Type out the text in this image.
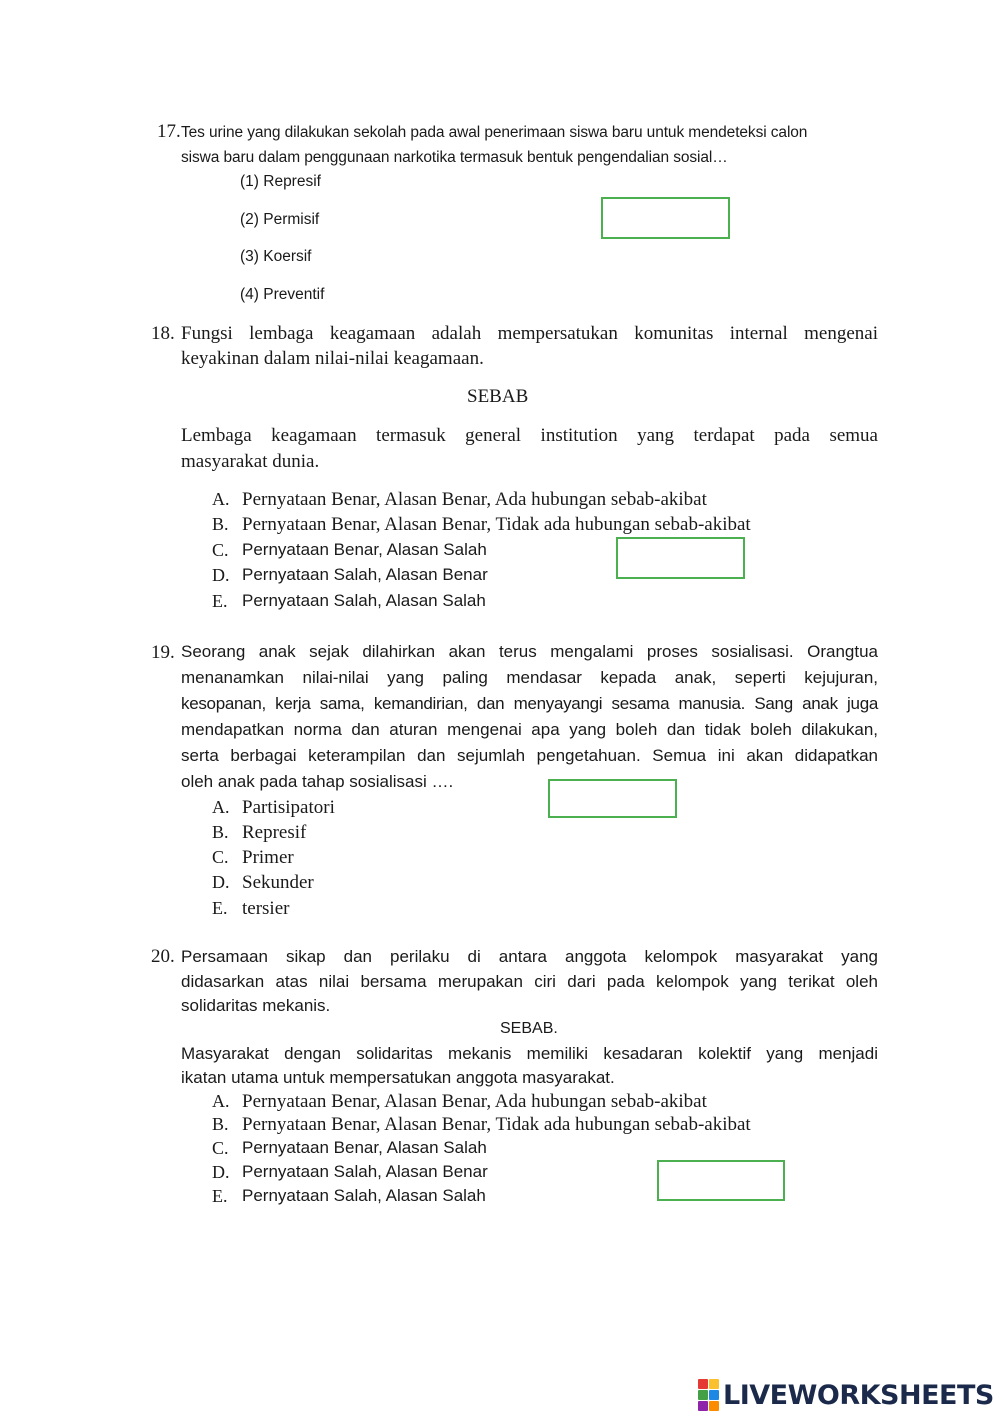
17. Tes urine yang dilakukan sekolah pada awal penerimaan siswa baru untuk mendeteksi calon
siswa baru dalam penggunaan narkotika termasuk bentuk pengendalian sosial…
(1) Represif
(2) Permisif
(3) Koersif
(4) Preventif
18. Fungsi lembaga keagamaan adalah mempersatukan komunitas internal mengenai
keyakinan dalam nilai-nilai keagamaan.
SEBAB
Lembaga keagamaan termasuk general institution yang terdapat pada semua
masyarakat dunia.
A. Pernyataan Benar, Alasan Benar, Ada hubungan sebab-akibat
B. Pernyataan Benar, Alasan Benar, Tidak ada hubungan sebab-akibat
C. Pernyataan Benar, Alasan Salah
D. Pernyataan Salah, Alasan Benar
E. Pernyataan Salah, Alasan Salah
19. Seorang anak sejak dilahirkan akan terus mengalami proses sosialisasi. Orangtua
menanamkan nilai-nilai yang paling mendasar kepada anak, seperti kejujuran,
kesopanan, kerja sama, kemandirian, dan menyayangi sesama manusia. Sang anak juga
mendapatkan norma dan aturan mengenai apa yang boleh dan tidak boleh dilakukan,
serta berbagai keterampilan dan sejumlah pengetahuan. Semua ini akan didapatkan
oleh anak pada tahap sosialisasi ….
A. Partisipatori
B. Represif
C. Primer
D. Sekunder
E. tersier
20. Persamaan sikap dan perilaku di antara anggota kelompok masyarakat yang
didasarkan atas nilai bersama merupakan ciri dari pada kelompok yang terikat oleh
solidaritas mekanis.
SEBAB.
Masyarakat dengan solidaritas mekanis memiliki kesadaran kolektif yang menjadi
ikatan utama untuk mempersatukan anggota masyarakat.
A. Pernyataan Benar, Alasan Benar, Ada hubungan sebab-akibat
B. Pernyataan Benar, Alasan Benar, Tidak ada hubungan sebab-akibat
C. Pernyataan Benar, Alasan Salah
D. Pernyataan Salah, Alasan Benar
E. Pernyataan Salah, Alasan Salah
LIVEWORKSHEETS
